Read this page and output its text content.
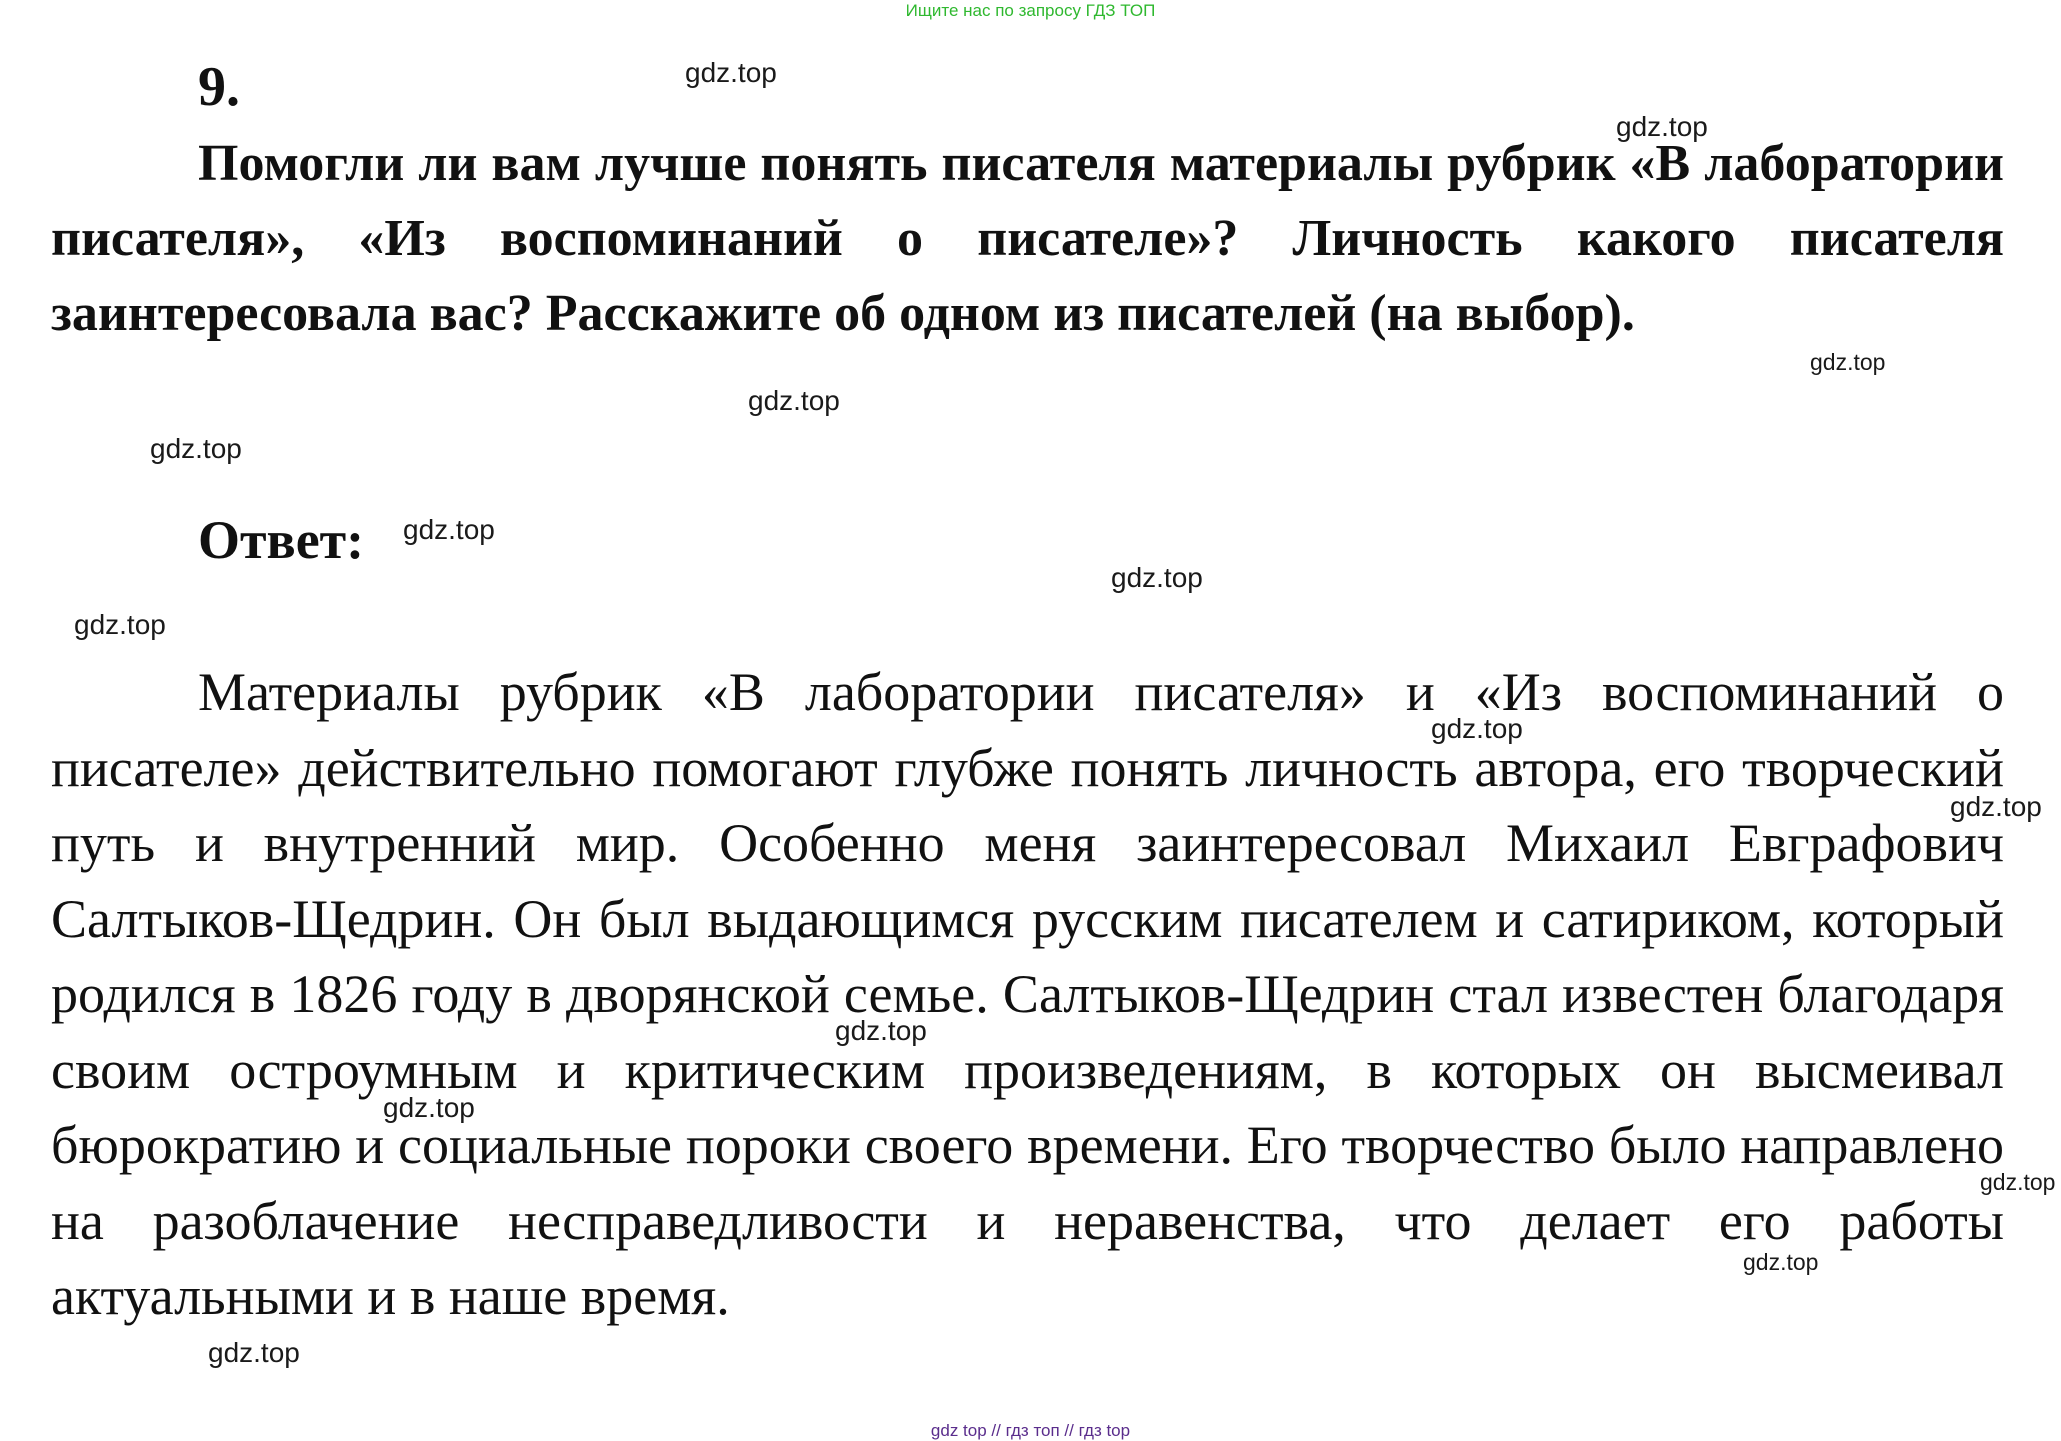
Ищите нас по запросу ГДЗ ТОП

9.

Помогли ли вам лучше понять писателя материалы рубрик «В лаборатории писателя», «Из воспоминаний о писателе»? Личность какого писателя заинтересовала вас? Расскажите об одном из писателей (на выбор).

Ответ:

Материалы рубрик «В лаборатории писателя» и «Из воспоминаний о писателе» действительно помогают глубже понять личность автора, его творческий путь и внутренний мир. Особенно меня заинтересовал Михаил Евграфович Салтыков-Щедрин. Он был выдающимся русским писателем и сатириком, который родился в 1826 году в дворянской семье. Салтыков-Щедрин стал известен благодаря своим остроумным и критическим произведениям, в которых он высмеивал бюрократию и социальные пороки своего времени. Его творчество было направлено на разоблачение несправедливости и неравенства, что делает его работы актуальными и в наше время.

gdz.top
gdz.top
gdz.top
gdz.top
gdz.top
gdz.top
gdz.top
gdz.top
gdz.top
gdz.top
gdz.top
gdz.top
gdz.top
gdz.top
gdz.top
gdz top // гдз топ // гдз top
